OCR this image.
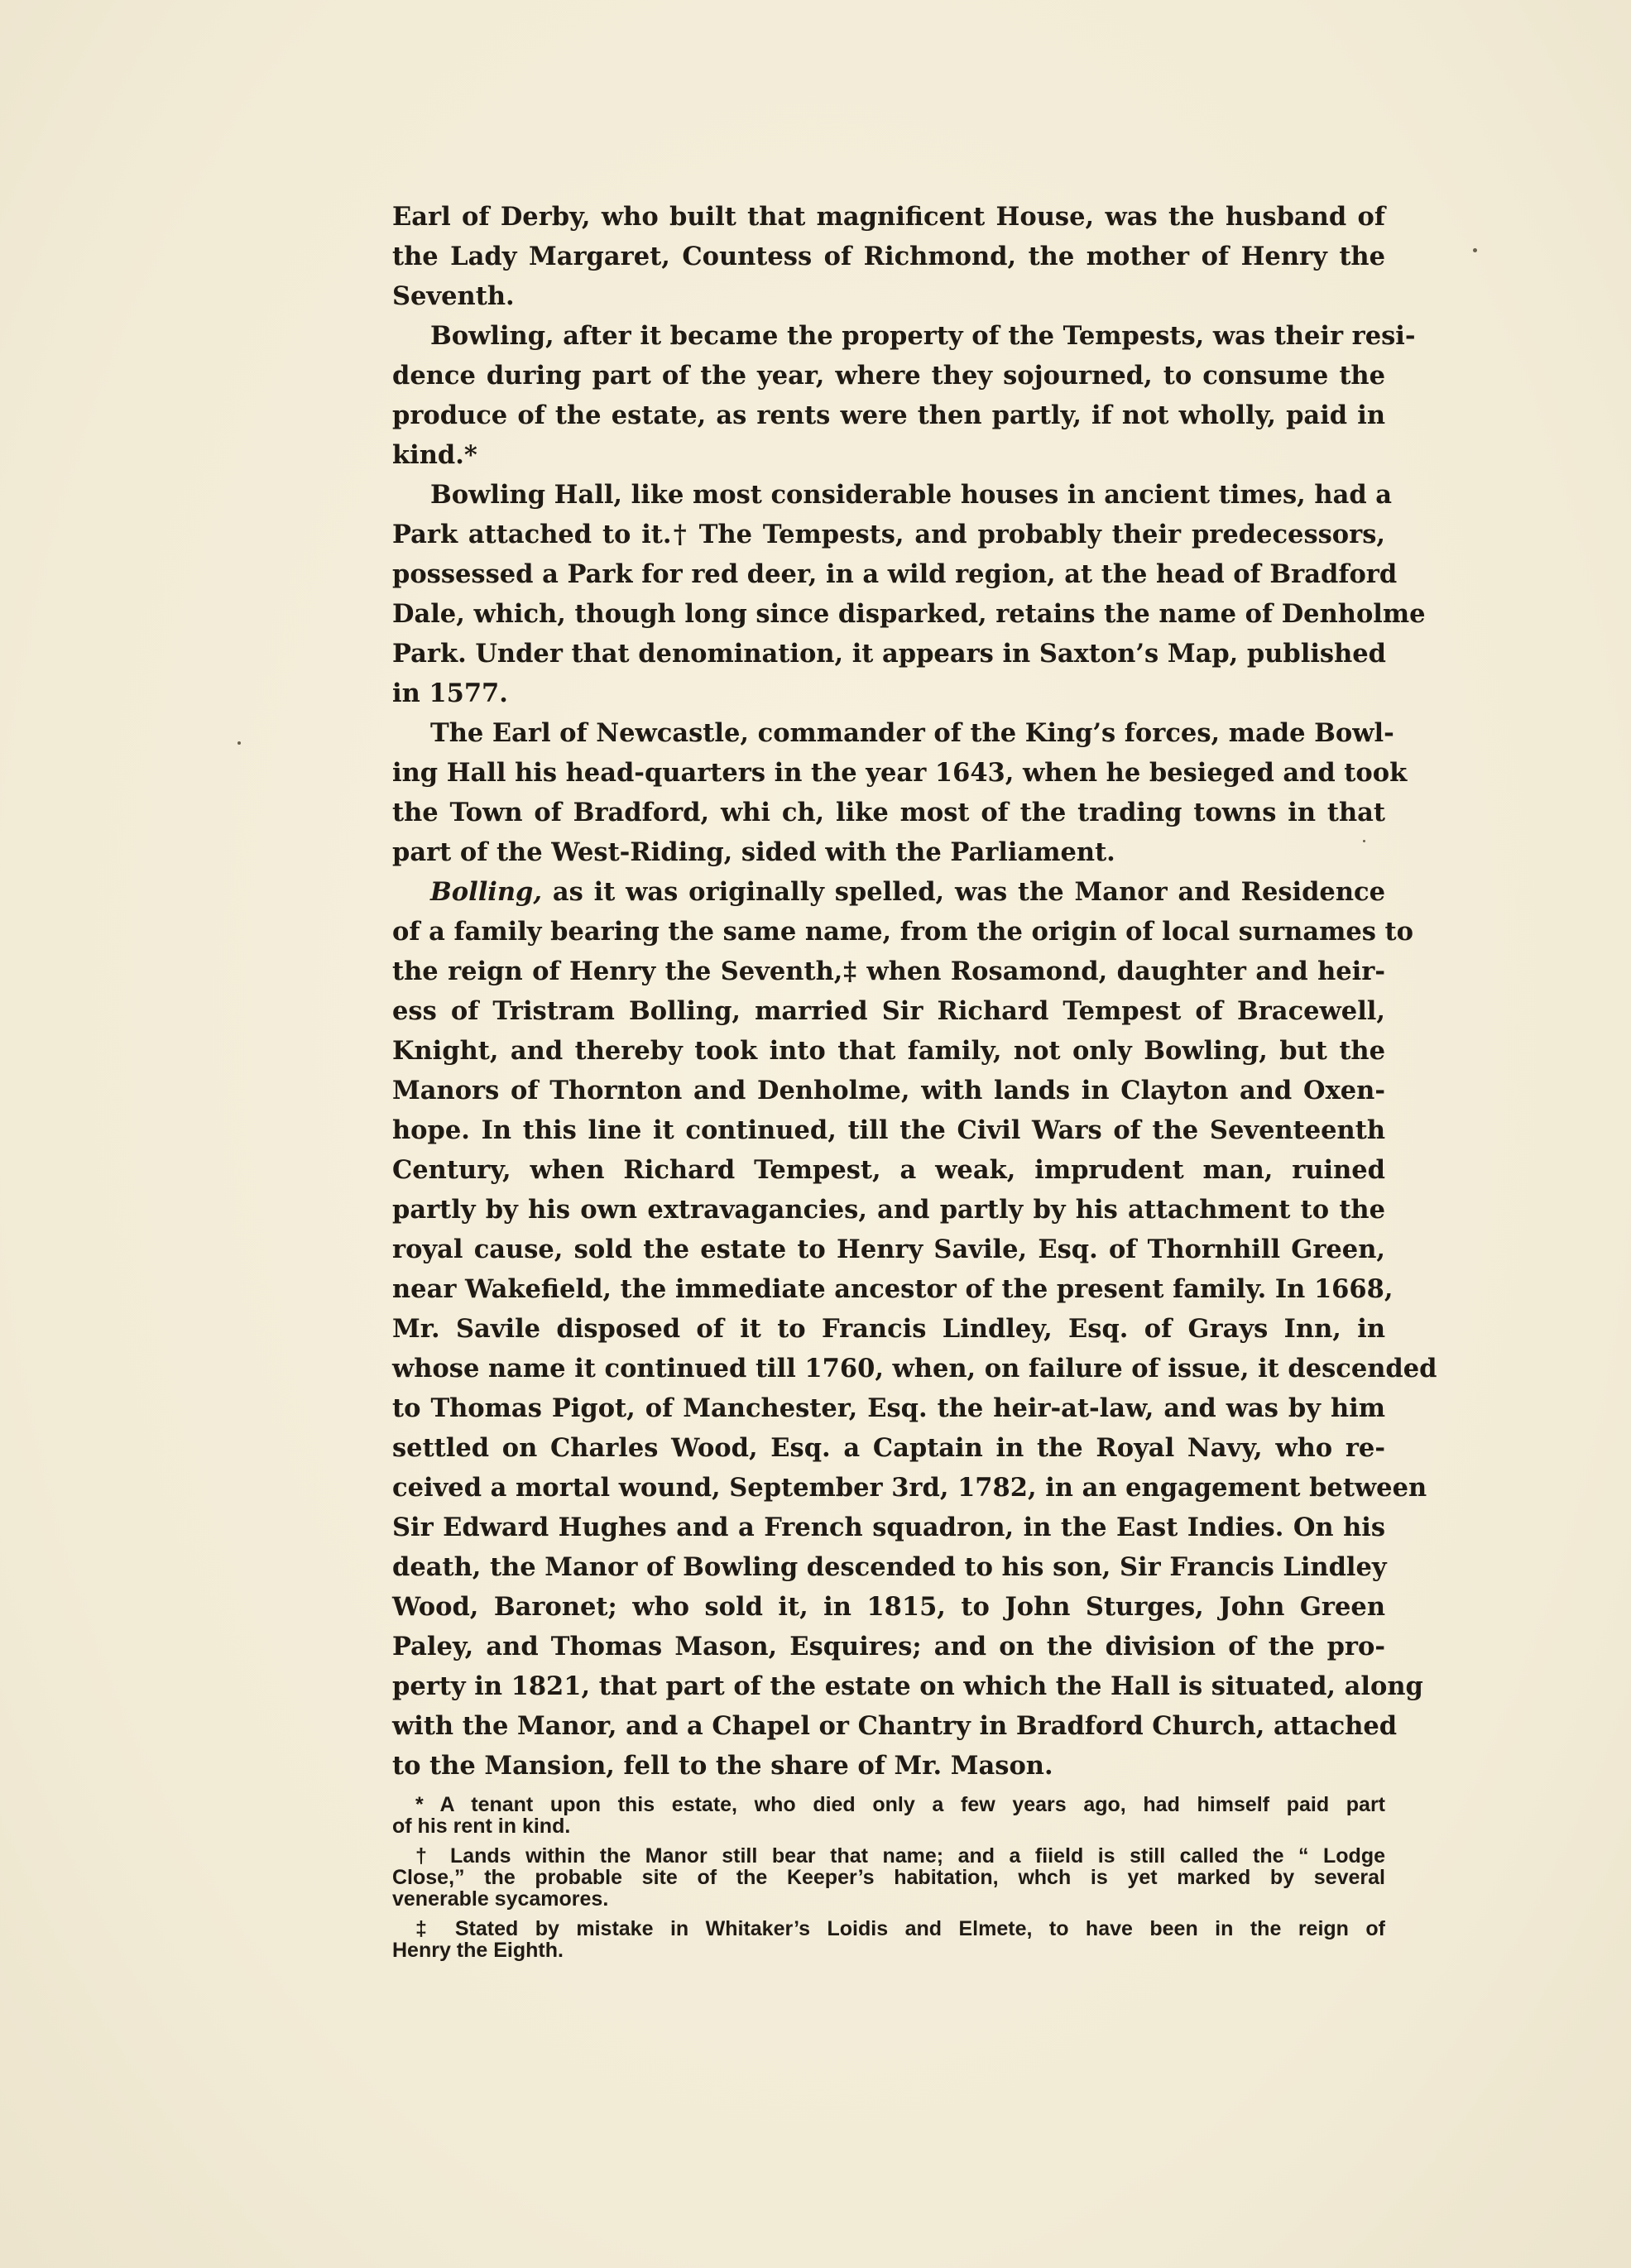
Earl of Derby, who built that magnificent House, was the husband of
the Lady Margaret, Countess of Richmond, the mother of Henry the
Seventh.
Bowling, after it became the property of the Tempests, was their resi-
dence during part of the year, where they sojourned, to consume the
produce of the estate, as rents were then partly, if not wholly, paid in
kind.*
Bowling Hall, like most considerable houses in ancient times, had a
Park attached to it.† The Tempests, and probably their predecessors,
possessed a Park for red deer, in a wild region, at the head of Bradford
Dale, which, though long since disparked, retains the name of Denholme
Park. Under that denomination, it appears in Saxton’s Map, published
in 1577.
The Earl of Newcastle, commander of the King’s forces, made Bowl-
ing Hall his head-quarters in the year 1643, when he besieged and took
the Town of Bradford, whi ch, like most of the trading towns in that
part of the West-Riding, sided with the Parliament.
Bolling, as it was originally spelled, was the Manor and Residence
of a family bearing the same name, from the origin of local surnames to
the reign of Henry the Seventh,‡ when Rosamond, daughter and heir-
ess of Tristram Bolling, married Sir Richard Tempest of Bracewell,
Knight, and thereby took into that family, not only Bowling, but the
Manors of Thornton and Denholme, with lands in Clayton and Oxen-
hope. In this line it continued, till the Civil Wars of the Seventeenth
Century, when Richard Tempest, a weak, imprudent man, ruined
partly by his own extravagancies, and partly by his attachment to the
royal cause, sold the estate to Henry Savile, Esq. of Thornhill Green,
near Wakefield, the immediate ancestor of the present family. In 1668,
Mr. Savile disposed of it to Francis Lindley, Esq. of Grays Inn, in
whose name it continued till 1760, when, on failure of issue, it descended
to Thomas Pigot, of Manchester, Esq. the heir-at-law, and was by him
settled on Charles Wood, Esq. a Captain in the Royal Navy, who re-
ceived a mortal wound, September 3rd, 1782, in an engagement between
Sir Edward Hughes and a French squadron, in the East Indies. On his
death, the Manor of Bowling descended to his son, Sir Francis Lindley
Wood, Baronet; who sold it, in 1815, to John Sturges, John Green
Paley, and Thomas Mason, Esquires; and on the division of the pro-
perty in 1821, that part of the estate on which the Hall is situated, along
with the Manor, and a Chapel or Chantry in Bradford Church, attached
to the Mansion, fell to the share of Mr. Mason.
* A tenant upon this estate, who died only a few years ago, had himself paid part
of his rent in kind.
† Lands within the Manor still bear that name; and a fiield is still called the “ Lodge
Close,” the probable site of the Keeper’s habitation, whch is yet marked by several
venerable sycamores.
‡ Stated by mistake in Whitaker’s Loidis and Elmete, to have been in the reign of
Henry the Eighth.
